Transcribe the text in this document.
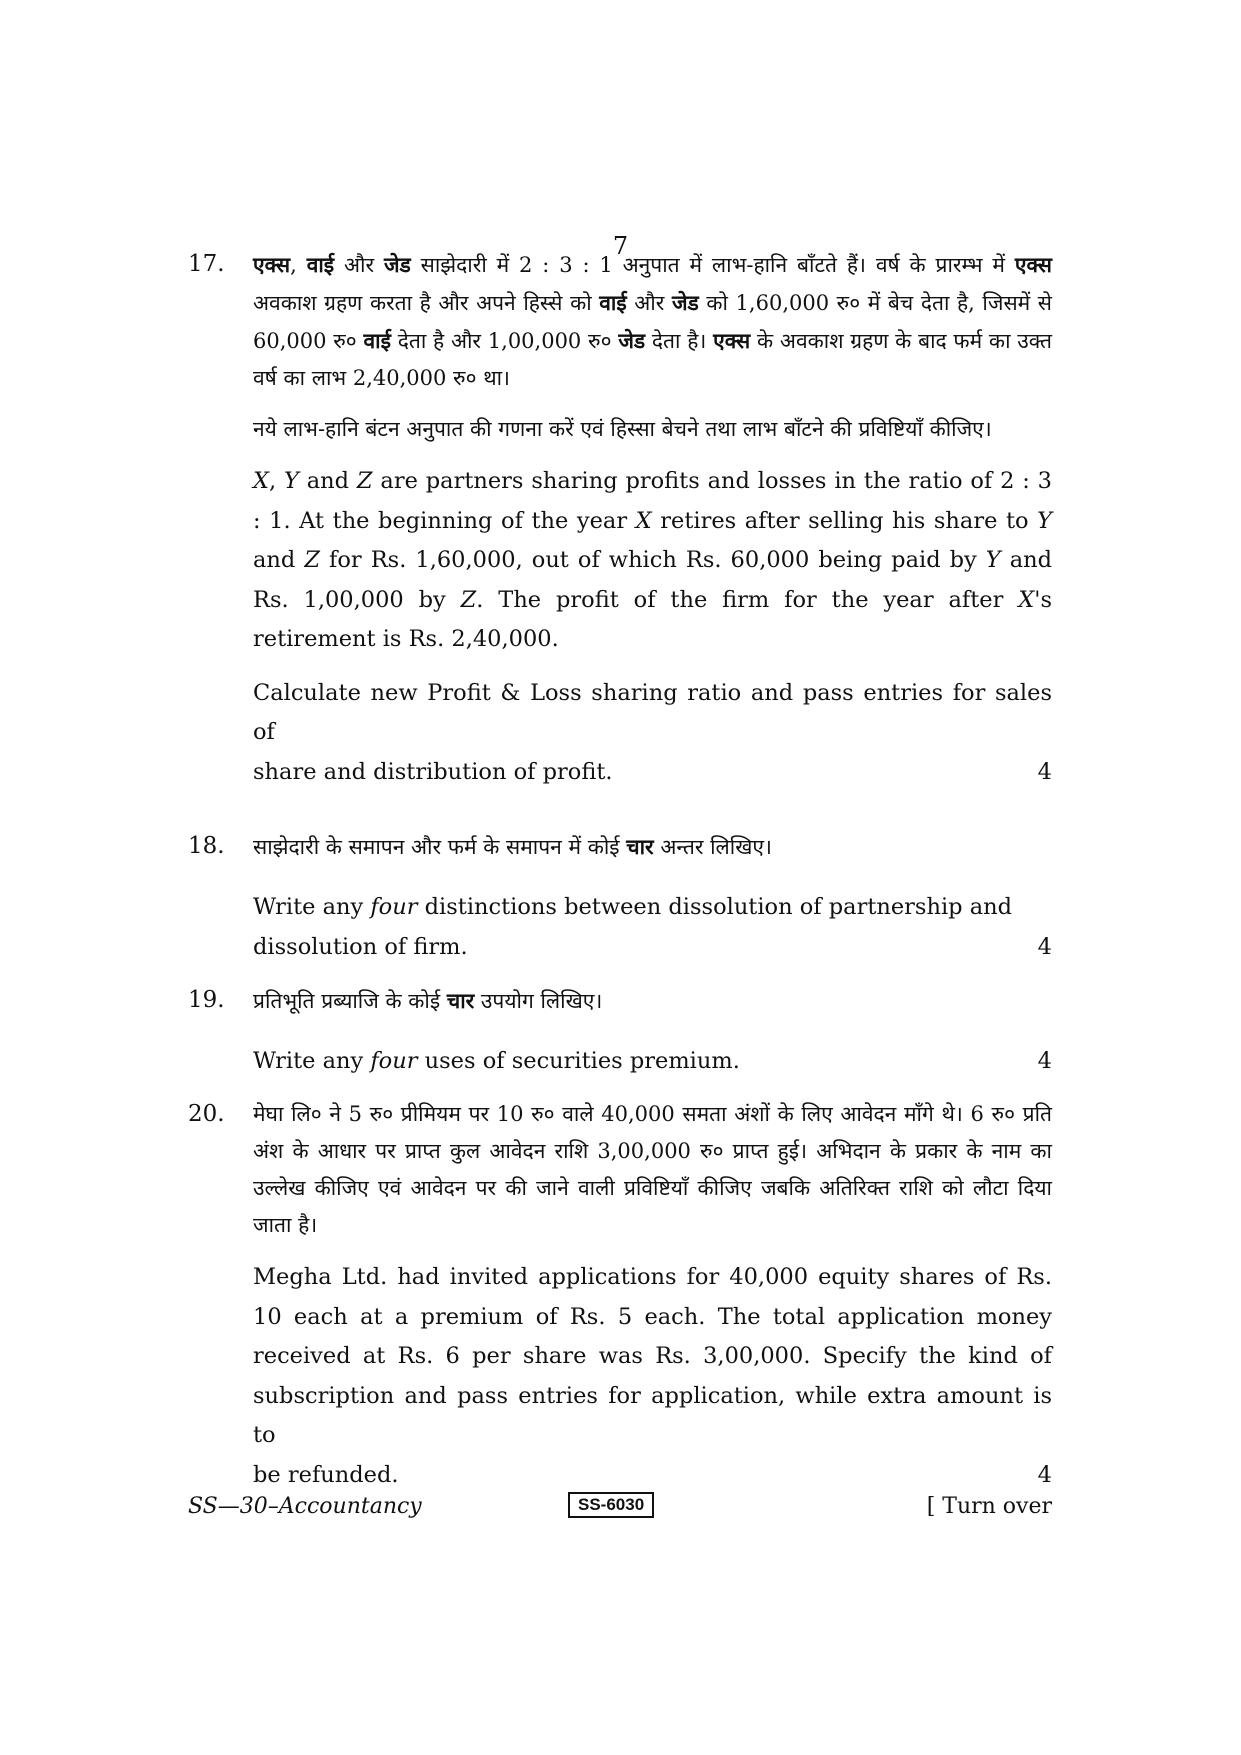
7
17. एक्स, वाई और जेड साझेदारी में 2 : 3 : 1 अनुपात में लाभ-हानि बाँटते हैं। वर्ष के प्रारम्भ में एक्स अवकाश ग्रहण करता है और अपने हिस्से को वाई और जेड को 1,60,000 रु० में बेच देता है, जिसमें से 60,000 रु० वाई देता है और 1,00,000 रु० जेड देता है। एक्स के अवकाश ग्रहण के बाद फर्म का उक्त वर्ष का लाभ 2,40,000 रु० था।

नये लाभ-हानि बंटन अनुपात की गणना करें एवं हिस्सा बेचने तथा लाभ बाँटने की प्रविष्टियाँ कीजिए।

X, Y and Z are partners sharing profits and losses in the ratio of 2 : 3 : 1. At the beginning of the year X retires after selling his share to Y and Z for Rs. 1,60,000, out of which Rs. 60,000 being paid by Y and Rs. 1,00,000 by Z. The profit of the firm for the year after X's retirement is Rs. 2,40,000.

Calculate new Profit & Loss sharing ratio and pass entries for sales of

share and distribution of profit.	4

18. साझेदारी के समापन और फर्म के समापन में कोई चार अन्तर लिखिए।

Write any four distinctions between dissolution of partnership and

dissolution of firm.	4

19. प्रतिभूति प्रब्याजि के कोई चार उपयोग लिखिए।

Write any four uses of securities premium.	4

20. मेघा लि० ने 5 रु० प्रीमियम पर 10 रु० वाले 40,000 समता अंशों के लिए आवेदन माँगे थे। 6 रु० प्रति अंश के आधार पर प्राप्त कुल आवेदन राशि 3,00,000 रु० प्राप्त हुई। अभिदान के प्रकार के नाम का उल्लेख कीजिए एवं आवेदन पर की जाने वाली प्रविष्टियाँ कीजिए जबकि अतिरिक्त राशि को लौटा दिया जाता है।

Megha Ltd. had invited applications for 40,000 equity shares of Rs. 10 each at a premium of Rs. 5 each. The total application money received at Rs. 6 per share was Rs. 3,00,000. Specify the kind of subscription and pass entries for application, while extra amount is to

be refunded.	4

SS—30–Accountancy	SS-6030	[ Turn over
